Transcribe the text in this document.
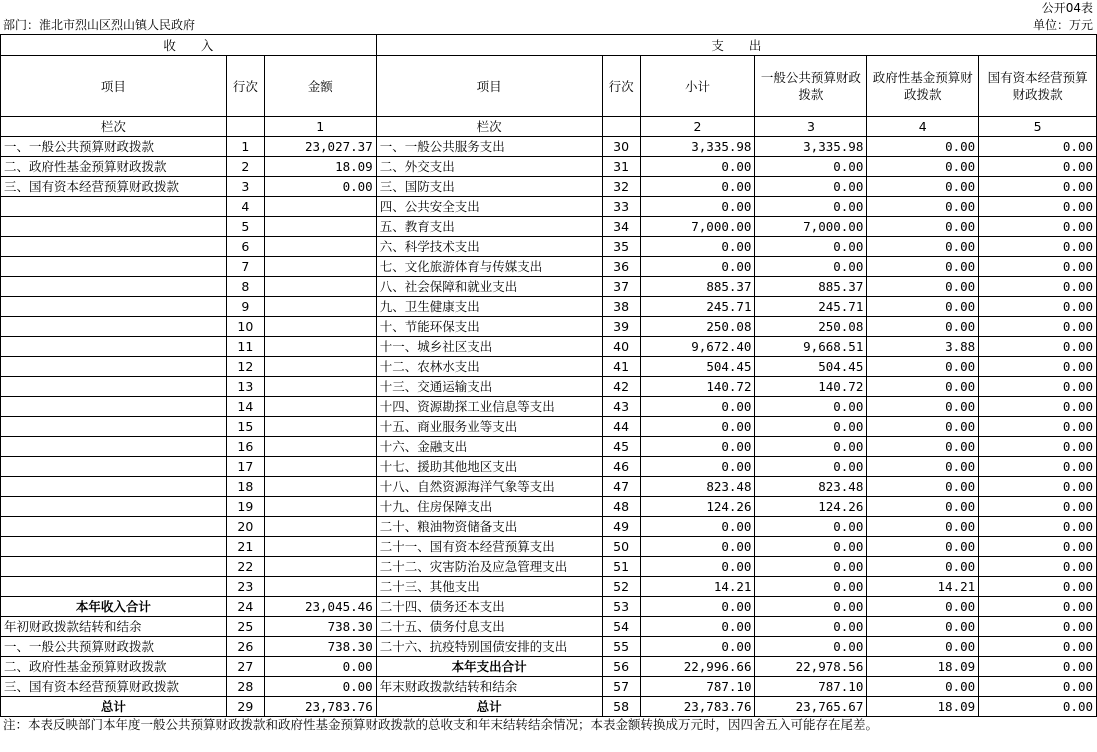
公开04表
部门：淮北市烈山区烈山镇人民政府	单位：万元
收　　入			支　　出					
项目	行次	金额	项目	行次	小计	一般公共预算财政拨款	政府性基金预算财政拨款	国有资本经营预算财政拨款
栏次		1	栏次		2	3	4	5
一、一般公共预算财政拨款	1	23,027.37	一、一般公共服务支出	30	3,335.98	3,335.98	0.00	0.00
二、政府性基金预算财政拨款	2	18.09	二、外交支出	31	0.00	0.00	0.00	0.00
三、国有资本经营预算财政拨款	3	0.00	三、国防支出	32	0.00	0.00	0.00	0.00
	4		四、公共安全支出	33	0.00	0.00	0.00	0.00
	5		五、教育支出	34	7,000.00	7,000.00	0.00	0.00
	6		六、科学技术支出	35	0.00	0.00	0.00	0.00
	7		七、文化旅游体育与传媒支出	36	0.00	0.00	0.00	0.00
	8		八、社会保障和就业支出	37	885.37	885.37	0.00	0.00
	9		九、卫生健康支出	38	245.71	245.71	0.00	0.00
	10		十、节能环保支出	39	250.08	250.08	0.00	0.00
	11		十一、城乡社区支出	40	9,672.40	9,668.51	3.88	0.00
	12		十二、农林水支出	41	504.45	504.45	0.00	0.00
	13		十三、交通运输支出	42	140.72	140.72	0.00	0.00
	14		十四、资源勘探工业信息等支出	43	0.00	0.00	0.00	0.00
	15		十五、商业服务业等支出	44	0.00	0.00	0.00	0.00
	16		十六、金融支出	45	0.00	0.00	0.00	0.00
	17		十七、援助其他地区支出	46	0.00	0.00	0.00	0.00
	18		十八、自然资源海洋气象等支出	47	823.48	823.48	0.00	0.00
	19		十九、住房保障支出	48	124.26	124.26	0.00	0.00
	20		二十、粮油物资储备支出	49	0.00	0.00	0.00	0.00
	21		二十一、国有资本经营预算支出	50	0.00	0.00	0.00	0.00
	22		二十二、灾害防治及应急管理支出	51	0.00	0.00	0.00	0.00
	23		二十三、其他支出	52	14.21	0.00	14.21	0.00
本年收入合计	24	23,045.46	二十四、债务还本支出	53	0.00	0.00	0.00	0.00
年初财政拨款结转和结余	25	738.30	二十五、债务付息支出	54	0.00	0.00	0.00	0.00
一、一般公共预算财政拨款	26	738.30	二十六、抗疫特别国债安排的支出	55	0.00	0.00	0.00	0.00
二、政府性基金预算财政拨款	27	0.00	本年支出合计	56	22,996.66	22,978.56	18.09	0.00
三、国有资本经营预算财政拨款	28	0.00	年末财政拨款结转和结余	57	787.10	787.10	0.00	0.00
总计	29	23,783.76	总计	58	23,783.76	23,765.67	18.09	0.00
注：本表反映部门本年度一般公共预算财政拨款和政府性基金预算财政拨款的总收支和年末结转结余情况；本表金额转换成万元时，因四舍五入可能存在尾差。
